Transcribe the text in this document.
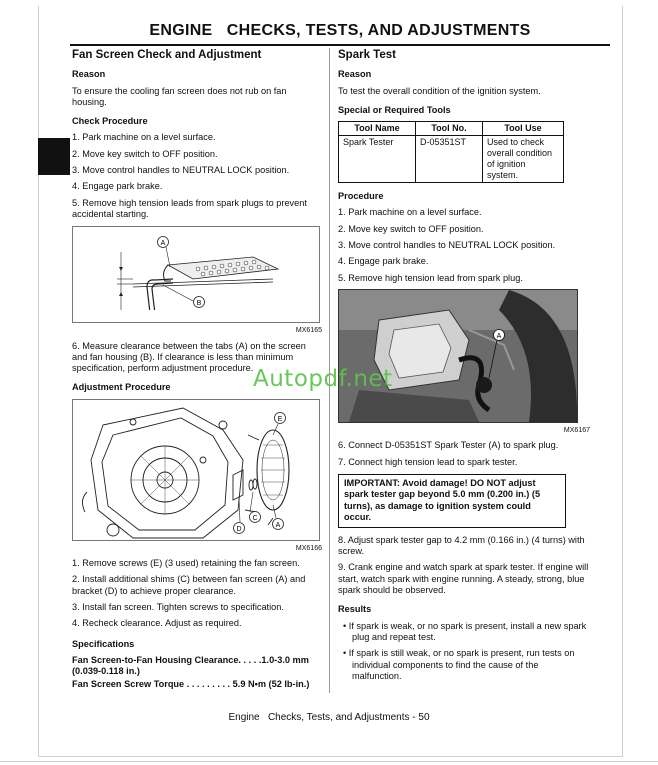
ENGINE CHECKS, TESTS, AND ADJUSTMENTS
Fan Screen Check and Adjustment
Reason

To ensure the cooling fan screen does not rub on fan housing.

Check Procedure
1. Park machine on a level surface.
2. Move key switch to OFF position.
3. Move control handles to NEUTRAL LOCK position.
4. Engage park brake.
5. Remove high tension leads from spark plugs to prevent accidental starting.
A
B
MX6165

6. Measure clearance between the tabs (A) on the screen and fan housing (B). If clearance is less than minimum specification, perform adjustment procedure.

Adjustment Procedure
E
A
C
D
MX6166
1. Remove screws (E) (3 used) retaining the fan screen.
2. Install additional shims (C) between fan screen (A) and bracket (D) to achieve proper clearance.
3. Install fan screen. Tighten screws to specification.
4. Recheck clearance. Adjust as required.
Specifications
Fan Screen-to-Fan Housing Clearance. . . . .1.0-3.0 mm (0.039-0.118 in.)
Fan Screen Screw Torque . . . . . . . . . 5.9 N•m (52 lb-in.)
Spark Test
Reason

To test the overall condition of the ignition system.

Special or Required Tools
Tool Name	Tool No.	Tool Use
Spark Tester	D-05351ST	Used to check overall condition of ignition system.
Procedure
1. Park machine on a level surface.
2. Move key switch to OFF position.
3. Move control handles to NEUTRAL LOCK position.
4. Engage park brake.
5. Remove high tension lead from spark plug.
A
MX6167
6. Connect D-05351ST Spark Tester (A) to spark plug.
7. Connect high tension lead to spark tester.
IMPORTANT: Avoid damage! DO NOT adjust spark tester gap beyond 5.0 mm (0.200 in.) (5 turns), as damage to ignition system could occur.
8. Adjust spark tester gap to 4.2 mm (0.166 in.) (4 turns) with screw.
9. Crank engine and watch spark at spark tester. If engine will start, watch spark with engine running. A steady, strong, blue spark should be observed.
Results
• If spark is weak, or no spark is present, install a new spark plug and repeat test.
• If spark is still weak, or no spark is present, run tests on individual components to find the cause of the malfunction.
Autopdf.net
Engine Checks, Tests, and Adjustments - 50
